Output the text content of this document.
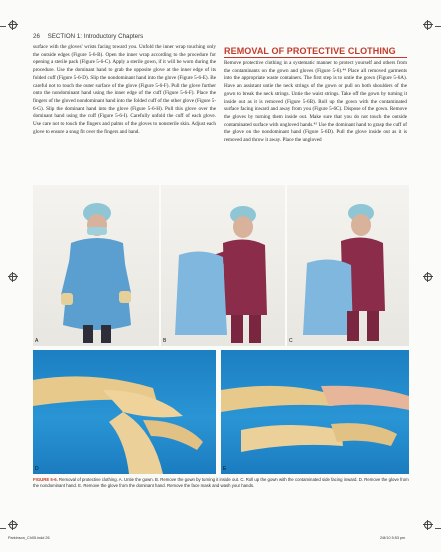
26 SECTION 1: Introductory Chapters
surface with the gloves' wrists facing toward you. Unfold the inner wrap touching only the outside edges (Figure 5-6-B). Open the inner wrap according to the procedure for opening a sterile pack (Figure 5-6-C). Apply a sterile gown, if it will be worn during the procedure. Use the dominant hand to grab the opposite glove at the inner edge of its folded cuff (Figure 5-6-D). Slip the nondominant hand into the glove (Figure 5-6-E). Be careful not to touch the outer surface of the glove (Figure 5-6-F). Pull the glove further onto the nondominant hand using the inner edge of the cuff (Figure 5-6-F). Place the fingers of the gloved nondominant hand into the folded cuff of the other glove (Figure 5-6-G). Slip the dominant hand into the glove (Figure 5-6-H). Pull this glove over the dominant hand using the cuff (Figure 5-6-I). Carefully unfold the cuff of each glove. Use care not to touch the fingers and palms of the gloves to nonsterile skin. Adjust each glove to ensure a snug fit over the fingers and hand.
REMOVAL OF PROTECTIVE CLOTHING
Remove protective clothing in a systematic manner to protect yourself and others from the contaminants on the gown and gloves (Figure 5-6).⁴⁴ Place all removed garments into the appropriate waste containers. The first step is to untie the gown (Figure 5-6A). Have an assistant untie the neck strings of the gown or pull on both shoulders of the gown to break the neck strings. Untie the waist strings. Take off the gown by turning it inside out as it is removed (Figure 5-6B). Roll up the gown with the contaminated surface facing inward and away from you (Figure 5-6C). Dispose of the gown. Remove the gloves by turning them inside out. Make sure that you do not touch the outside contaminated surface with ungloved hands.⁴⁵ Use the dominant hand to grasp the cuff of the glove on the nondominant hand (Figure 5-6D). Pull the glove inside out as it is removed and throw it away. Place the ungloved
A	B	C
D	E
FIGURE 5-6. Removal of protective clothing. A. Untie the gown. B. Remove the gown by turning it inside out. C. Roll up the gown with the contaminated side facing inward. D. Remove the glove from the nondominant hand. E. Remove the glove from the dominant hand. Remove the face mask and wash your hands.
Parkinson_Ch05.indd 26	2/8/10 5:53 pm
